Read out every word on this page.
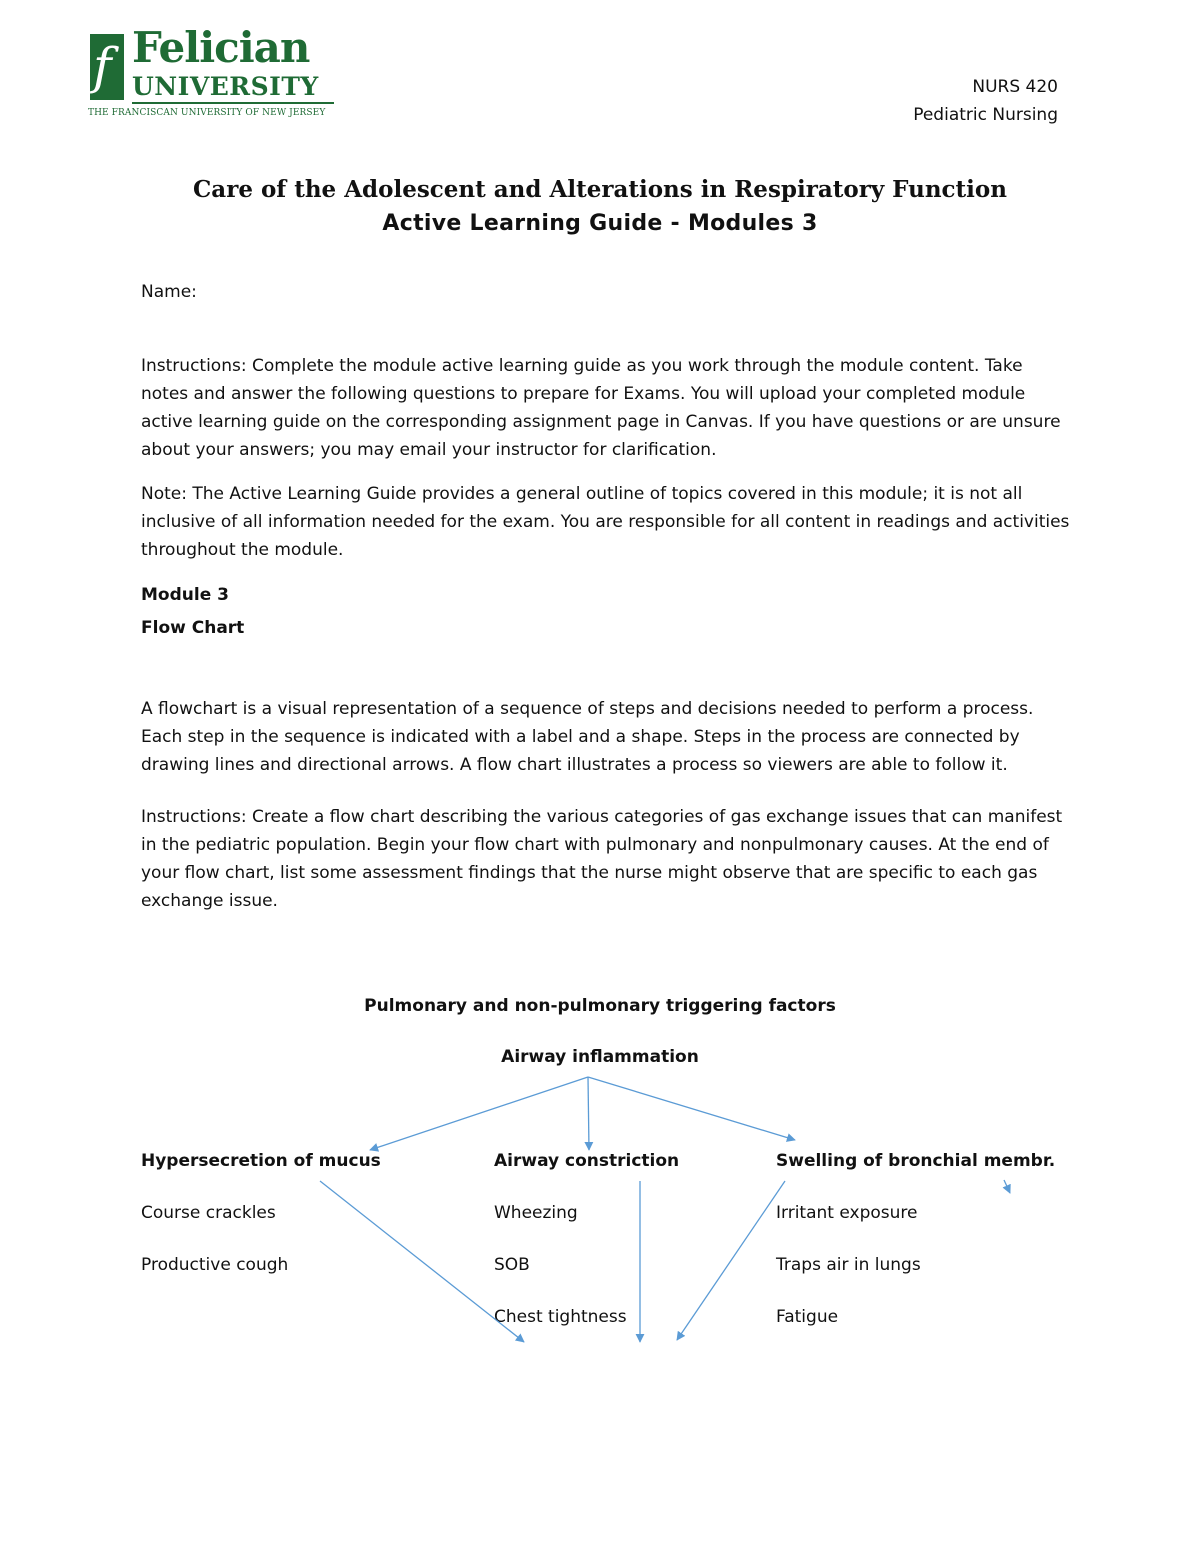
f Felician
UNIVERSITY
THE FRANCISCAN UNIVERSITY OF NEW JERSEY
NURS 420
Pediatric Nursing
Care of the Adolescent and Alterations in Respiratory Function
Active Learning Guide - Modules 3
Name:
Instructions: Complete the module active learning guide as you work through the module content. Take notes and answer the following questions to prepare for Exams. You will upload your completed module active learning guide on the corresponding assignment page in Canvas. If you have questions or are unsure about your answers; you may email your instructor for clarification.
Note: The Active Learning Guide provides a general outline of topics covered in this module; it is not all inclusive of all information needed for the exam. You are responsible for all content in readings and activities throughout the module.
Module 3
Flow Chart
A flowchart is a visual representation of a sequence of steps and decisions needed to perform a process. Each step in the sequence is indicated with a label and a shape. Steps in the process are connected by drawing lines and directional arrows. A flow chart illustrates a process so viewers are able to follow it.
Instructions: Create a flow chart describing the various categories of gas exchange issues that can manifest in the pediatric population. Begin your flow chart with pulmonary and nonpulmonary causes. At the end of your flow chart, list some assessment findings that the nurse might observe that are specific to each gas exchange issue.
Pulmonary and non-pulmonary triggering factors
Airway inflammation
Hypersecretion of mucus
Course crackles
Productive cough
Airway constriction
Wheezing
SOB
Chest tightness
Swelling of bronchial membr.
Irritant exposure
Traps air in lungs
Fatigue
